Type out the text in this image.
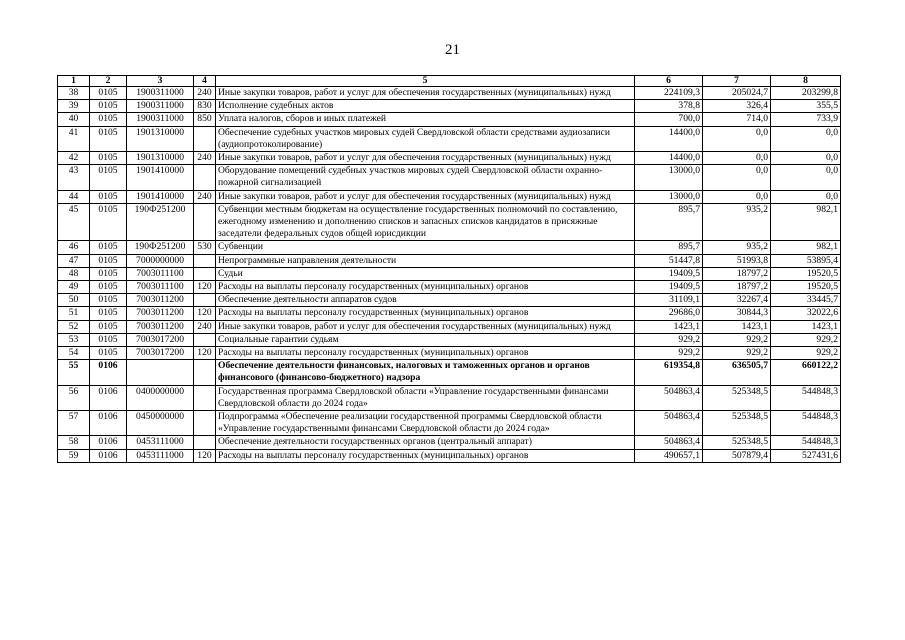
21
1	2	3	4	5	6	7	8
38	0105	1900311000	240	Иные закупки товаров, работ и услуг для обеспечения государственных (муниципальных) нужд	224109,3	205024,7	203299,8
39	0105	1900311000	830	Исполнение судебных актов	378,8	326,4	355,5
40	0105	1900311000	850	Уплата налогов, сборов и иных платежей	700,0	714,0	733,9
41	0105	1901310000		Обеспечение судебных участков мировых судей Свердловской области средствами аудиозаписи (аудиопротоколирование)	14400,0	0,0	0,0
42	0105	1901310000	240	Иные закупки товаров, работ и услуг для обеспечения государственных (муниципальных) нужд	14400,0	0,0	0,0
43	0105	1901410000		Оборудование помещений судебных участков мировых судей Свердловской области охранно-пожарной сигнализацией	13000,0	0,0	0,0
44	0105	1901410000	240	Иные закупки товаров, работ и услуг для обеспечения государственных (муниципальных) нужд	13000,0	0,0	0,0
45	0105	190Ф251200		Субвенции местным бюджетам на осуществление государственных полномочий по составлению, ежегодному изменению и дополнению списков и запасных списков кандидатов в присяжные заседатели федеральных судов общей юрисдикции	895,7	935,2	982,1
46	0105	190Ф251200	530	Субвенции	895,7	935,2	982,1
47	0105	7000000000		Непрограммные направления деятельности	51447,8	51993,8	53895,4
48	0105	7003011100		Судьи	19409,5	18797,2	19520,5
49	0105	7003011100	120	Расходы на выплаты персоналу государственных (муниципальных) органов	19409,5	18797,2	19520,5
50	0105	7003011200		Обеспечение деятельности аппаратов судов	31109,1	32267,4	33445,7
51	0105	7003011200	120	Расходы на выплаты персоналу государственных (муниципальных) органов	29686,0	30844,3	32022,6
52	0105	7003011200	240	Иные закупки товаров, работ и услуг для обеспечения государственных (муниципальных) нужд	1423,1	1423,1	1423,1
53	0105	7003017200		Социальные гарантии судьям	929,2	929,2	929,2
54	0105	7003017200	120	Расходы на выплаты персоналу государственных (муниципальных) органов	929,2	929,2	929,2
55	0106			Обеспечение деятельности финансовых, налоговых и таможенных органов и органов финансового (финансово-бюджетного) надзора	619354,8	636505,7	660122,2
56	0106	0400000000		Государственная программа Свердловской области «Управление государственными финансами Свердловской области до 2024 года»	504863,4	525348,5	544848,3
57	0106	0450000000		Подпрограмма «Обеспечение реализации государственной программы Свердловской области «Управление государственными финансами Свердловской области до 2024 года»	504863,4	525348,5	544848,3
58	0106	0453111000		Обеспечение деятельности государственных органов (центральный аппарат)	504863,4	525348,5	544848,3
59	0106	0453111000	120	Расходы на выплаты персоналу государственных (муниципальных) органов	490657,1	507879,4	527431,6
